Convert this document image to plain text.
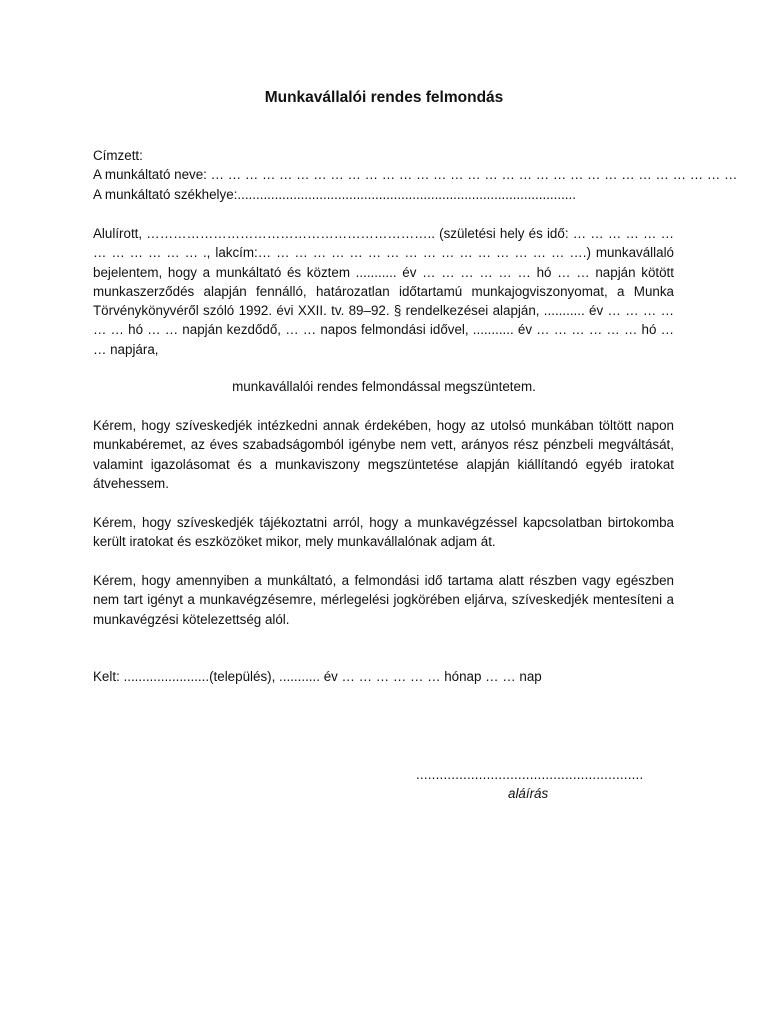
Munkavállalói rendes felmondás
Címzett:
A munkáltató neve: … … … … … … … … … … … … … … … … … … … … … … … … … … … … … … …
A munkáltató székhelye:...........................................................................................
Alulírott, ……………………………………………………….. (születési hely és idő: … … … … … … … … … … … … ., lakcím:… … … … … … … … … … … … … … … … … ….) munkavállaló bejelentem, hogy a munkáltató és köztem ........... év … … … … … … hó … … napján kötött munkaszerződés alapján fennálló, határozatlan időtartamú munkajogviszonyomat, a Munka Törvénykönyvéről szóló 1992. évi XXII. tv. 89–92. § rendelkezései alapján, ........... év … … … … … … hó … … napján kezdődő, … … napos felmondási idővel, ........... év … … … … … … hó … … napjára,
munkavállalói rendes felmondással megszüntetem.
Kérem, hogy szíveskedjék intézkedni annak érdekében, hogy az utolsó munkában töltött napon munkabéremet, az éves szabadságomból igénybe nem vett, arányos rész pénzbeli megváltását, valamint igazolásomat és a munkaviszony megszüntetése alapján kiállítandó egyéb iratokat átvehessem.
Kérem, hogy szíveskedjék tájékoztatni arról, hogy a munkavégzéssel kapcsolatban birtokomba került iratokat és eszközöket mikor, mely munkavállalónak adjam át.
Kérem, hogy amennyiben a munkáltató, a felmondási idő tartama alatt részben vagy egészben nem tart igényt a munkavégzésemre, mérlegelési jogkörében eljárva, szíveskedjék mentesíteni a munkavégzési kötelezettség alól.
Kelt: .......................(település), ........... év … … … … … … hónap … … nap
..........................................................
aláírás
